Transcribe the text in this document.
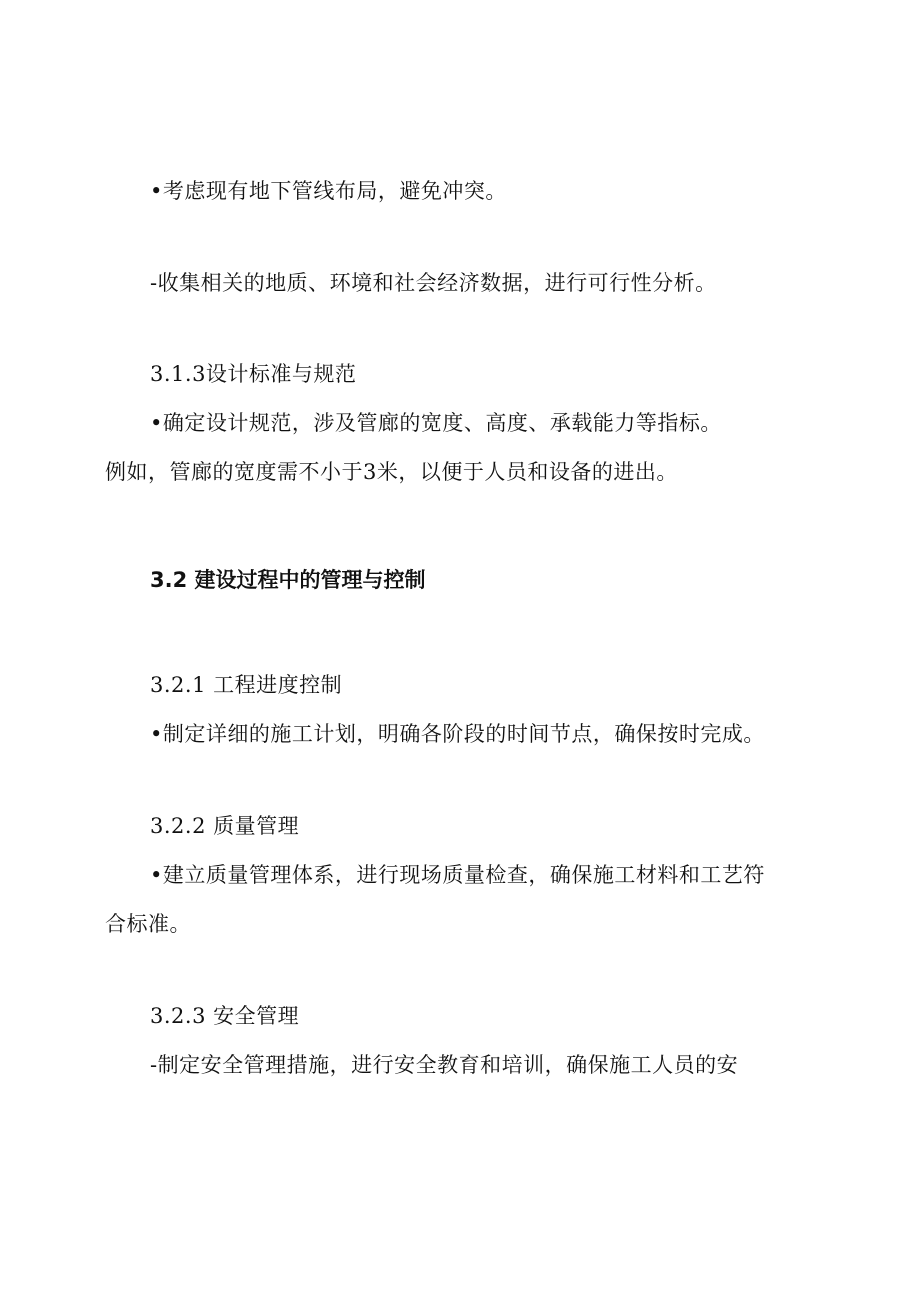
•考虑现有地下管线布局，避免冲突。

-收集相关的地质、环境和社会经济数据，进行可行性分析。

3.1.3设计标准与规范

•确定设计规范，涉及管廊的宽度、高度、承载能力等指标。

例如，管廊的宽度需不小于3米，以便于人员和设备的进出。

3.2 建设过程中的管理与控制

3.2.1 工程进度控制

•制定详细的施工计划，明确各阶段的时间节点，确保按时完成。

3.2.2 质量管理

•建立质量管理体系，进行现场质量检查，确保施工材料和工艺符

合标准。

3.2.3 安全管理

-制定安全管理措施，进行安全教育和培训，确保施工人员的安
